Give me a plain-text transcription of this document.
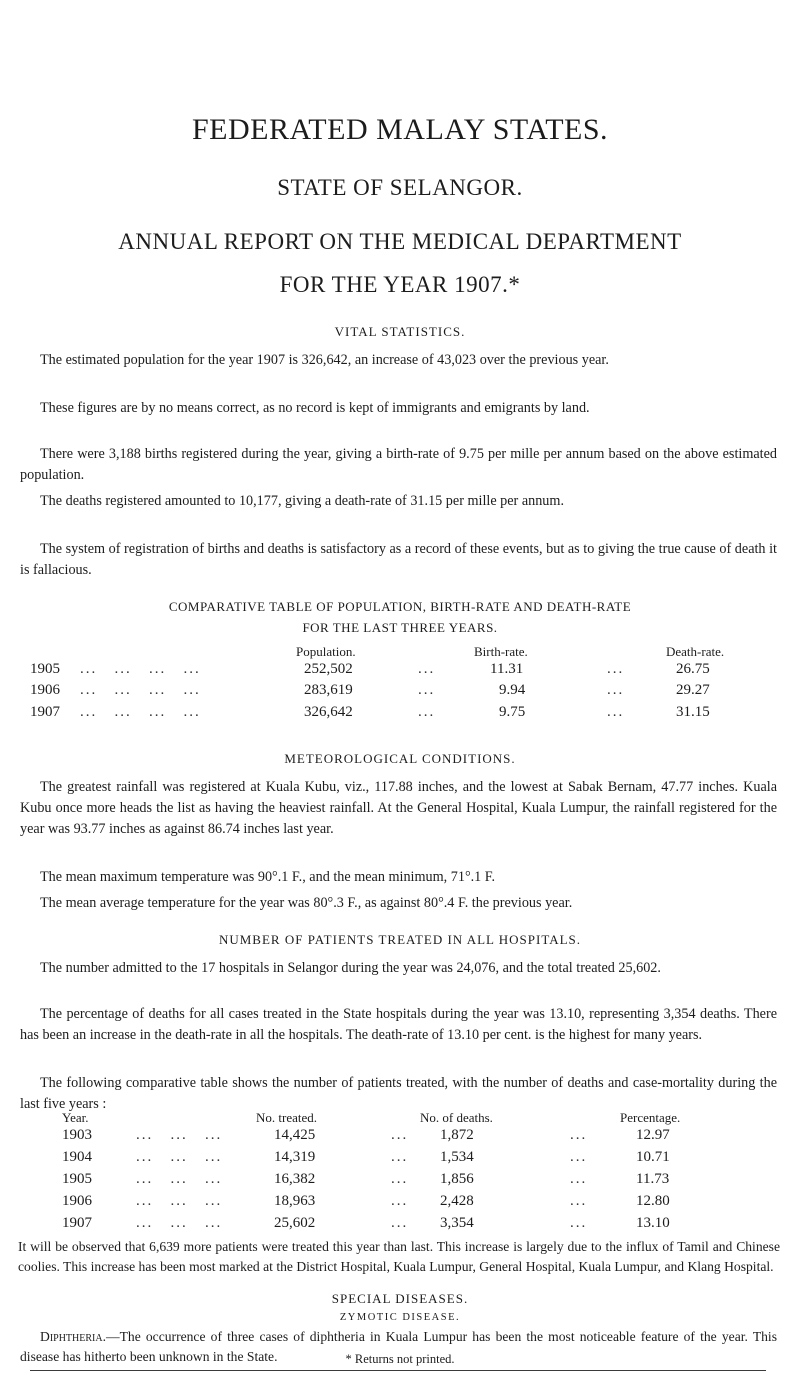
FEDERATED MALAY STATES.
STATE OF SELANGOR.
ANNUAL REPORT ON THE MEDICAL DEPARTMENT
FOR THE YEAR 1907.*
VITAL STATISTICS.

The estimated population for the year 1907 is 326,642, an increase of 43,023 over the previous year.

These figures are by no means correct, as no record is kept of immigrants and emigrants by land.

There were 3,188 births registered during the year, giving a birth-rate of 9.75 per mille per annum based on the above estimated population.

The deaths registered amounted to 10,177, giving a death-rate of 31.15 per mille per annum.

The system of registration of births and deaths is satisfactory as a record of these events, but as to giving the true cause of death it is fallacious.

COMPARATIVE TABLE OF POPULATION, BIRTH-RATE AND DEATH-RATE
FOR THE LAST THREE YEARS.
Population.	Birth-rate.	Death-rate.
1905 ...   ...   ...   ...	252,502	...	11.31	...	26.75
1906 ...   ...   ...   ...	283,619	...	9.94	...	29.27
1907 ...   ...   ...   ...	326,642	...	9.75	...	31.15
METEOROLOGICAL CONDITIONS.

The greatest rainfall was registered at Kuala Kubu, viz., 117.88 inches, and the lowest at Sabak Bernam, 47.77 inches. Kuala Kubu once more heads the list as having the heaviest rainfall. At the General Hospital, Kuala Lumpur, the rainfall registered for the year was 93.77 inches as against 86.74 inches last year.

The mean maximum temperature was 90°.1 F., and the mean minimum, 71°.1 F.

The mean average temperature for the year was 80°.3 F., as against 80°.4 F. the previous year.

NUMBER OF PATIENTS TREATED IN ALL HOSPITALS.

The number admitted to the 17 hospitals in Selangor during the year was 24,076, and the total treated 25,602.

The percentage of deaths for all cases treated in the State hospitals during the year was 13.10, representing 3,354 deaths. There has been an increase in the death-rate in all the hospitals. The death-rate of 13.10 per cent. is the highest for many years.

The following comparative table shows the number of patients treated, with the number of deaths and case-mortality during the last five years :

Year.	No. treated.	No. of deaths.	Percentage.
1903	...   ...   ...	14,425	... 1,872	...	12.97
1904	...   ...   ...	14,319	... 1,534	...	10.71
1905	...   ...   ...	16,382	... 1,856	...	11.73
1906	...   ...   ...	18,963	... 2,428	...	12.80
1907	...   ...   ...	25,602	... 3,354	...	13.10

It will be observed that 6,639 more patients were treated this year than last. This increase is largely due to the influx of Tamil and Chinese coolies. This increase has been most marked at the District Hospital, Kuala Lumpur, General Hospital, Kuala Lumpur, and Klang Hospital.

SPECIAL DISEASES.
ZYMOTIC DISEASE.

Diphtheria.—The occurrence of three cases of diphtheria in Kuala Lumpur has been the most noticeable feature of the year. This disease has hitherto been unknown in the State.	* Returns not printed.
